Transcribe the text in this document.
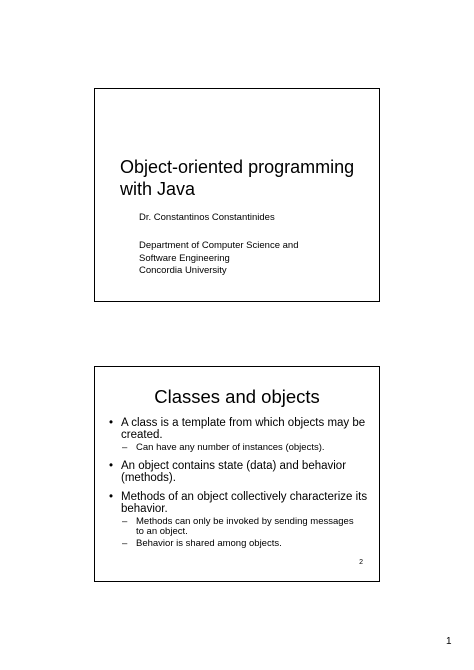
Object-oriented programming
with Java
Dr. Constantinos Constantinides
Department of Computer Science and
Software Engineering
Concordia University
Classes and objects
• A class is a template from which objects may be
created.
– Can have any number of instances (objects).
• An object contains state (data) and behavior
(methods).
• Methods of an object collectively characterize its
behavior.
– Methods can only be invoked by sending messages
to an object.
– Behavior is shared among objects.
2
1
